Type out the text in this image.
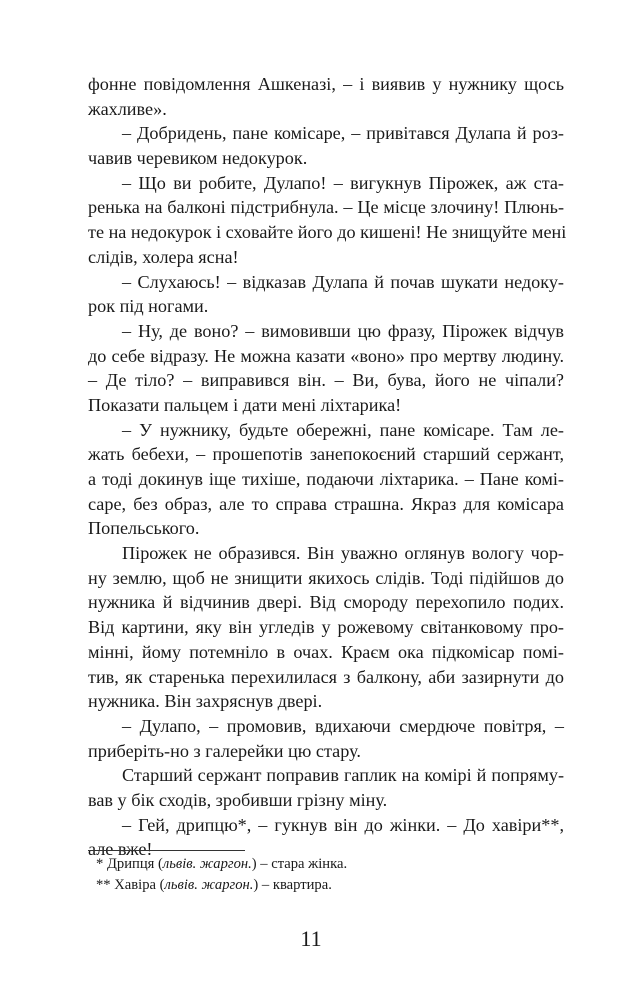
фонне повідомлення Ашкеназі, – і виявив у нужнику щось
жахливе».
– Добридень, пане комісаре, – привітався Дулапа й роз-
чавив черевиком недокурок.
– Що ви робите, Дулапо! – вигукнув Пірожек, аж ста-
ренька на балконі підстрибнула. – Це місце злочину! Плюнь-
те на недокурок і сховайте його до кишені! Не знищуйте мені
слідів, холера ясна!
– Слухаюсь! – відказав Дулапа й почав шукати недоку-
рок під ногами.
– Ну, де воно? – вимовивши цю фразу, Пірожек відчув
до себе відразу. Не можна казати «воно» про мертву людину.
– Де тіло? – виправився він. – Ви, бува, його не чіпали?
Показати пальцем і дати мені ліхтарика!
– У нужнику, будьте обережні, пане комісаре. Там ле-
жать бебехи, – прошепотів занепокоєний старший сержант,
а тоді докинув іще тихіше, подаючи ліхтарика. – Пане комі-
саре, без образ, але то справа страшна. Якраз для комісара
Попельського.
Пірожек не образився. Він уважно оглянув вологу чор-
ну землю, щоб не знищити якихось слідів. Тоді підійшов до
нужника й відчинив двері. Від смороду перехопило подих.
Від картини, яку він угледів у рожевому світанковому про-
мінні, йому потемніло в очах. Краєм ока підкомісар помі-
тив, як старенька перехилилася з балкону, аби зазирнути до
нужника. Він захряснув двері.
– Дулапо, – промовив, вдихаючи смердюче повітря, –
приберіть-но з галерейки цю стару.
Старший сержант поправив гаплик на комірі й попряму-
вав у бік сходів, зробивши грізну міну.
– Гей, дрипцю*, – гукнув він до жінки. – До хавіри**,
але вже!
* Дрипця (львів. жаргон.) – стара жінка.
** Хавіра (львів. жаргон.) – квартира.
11
